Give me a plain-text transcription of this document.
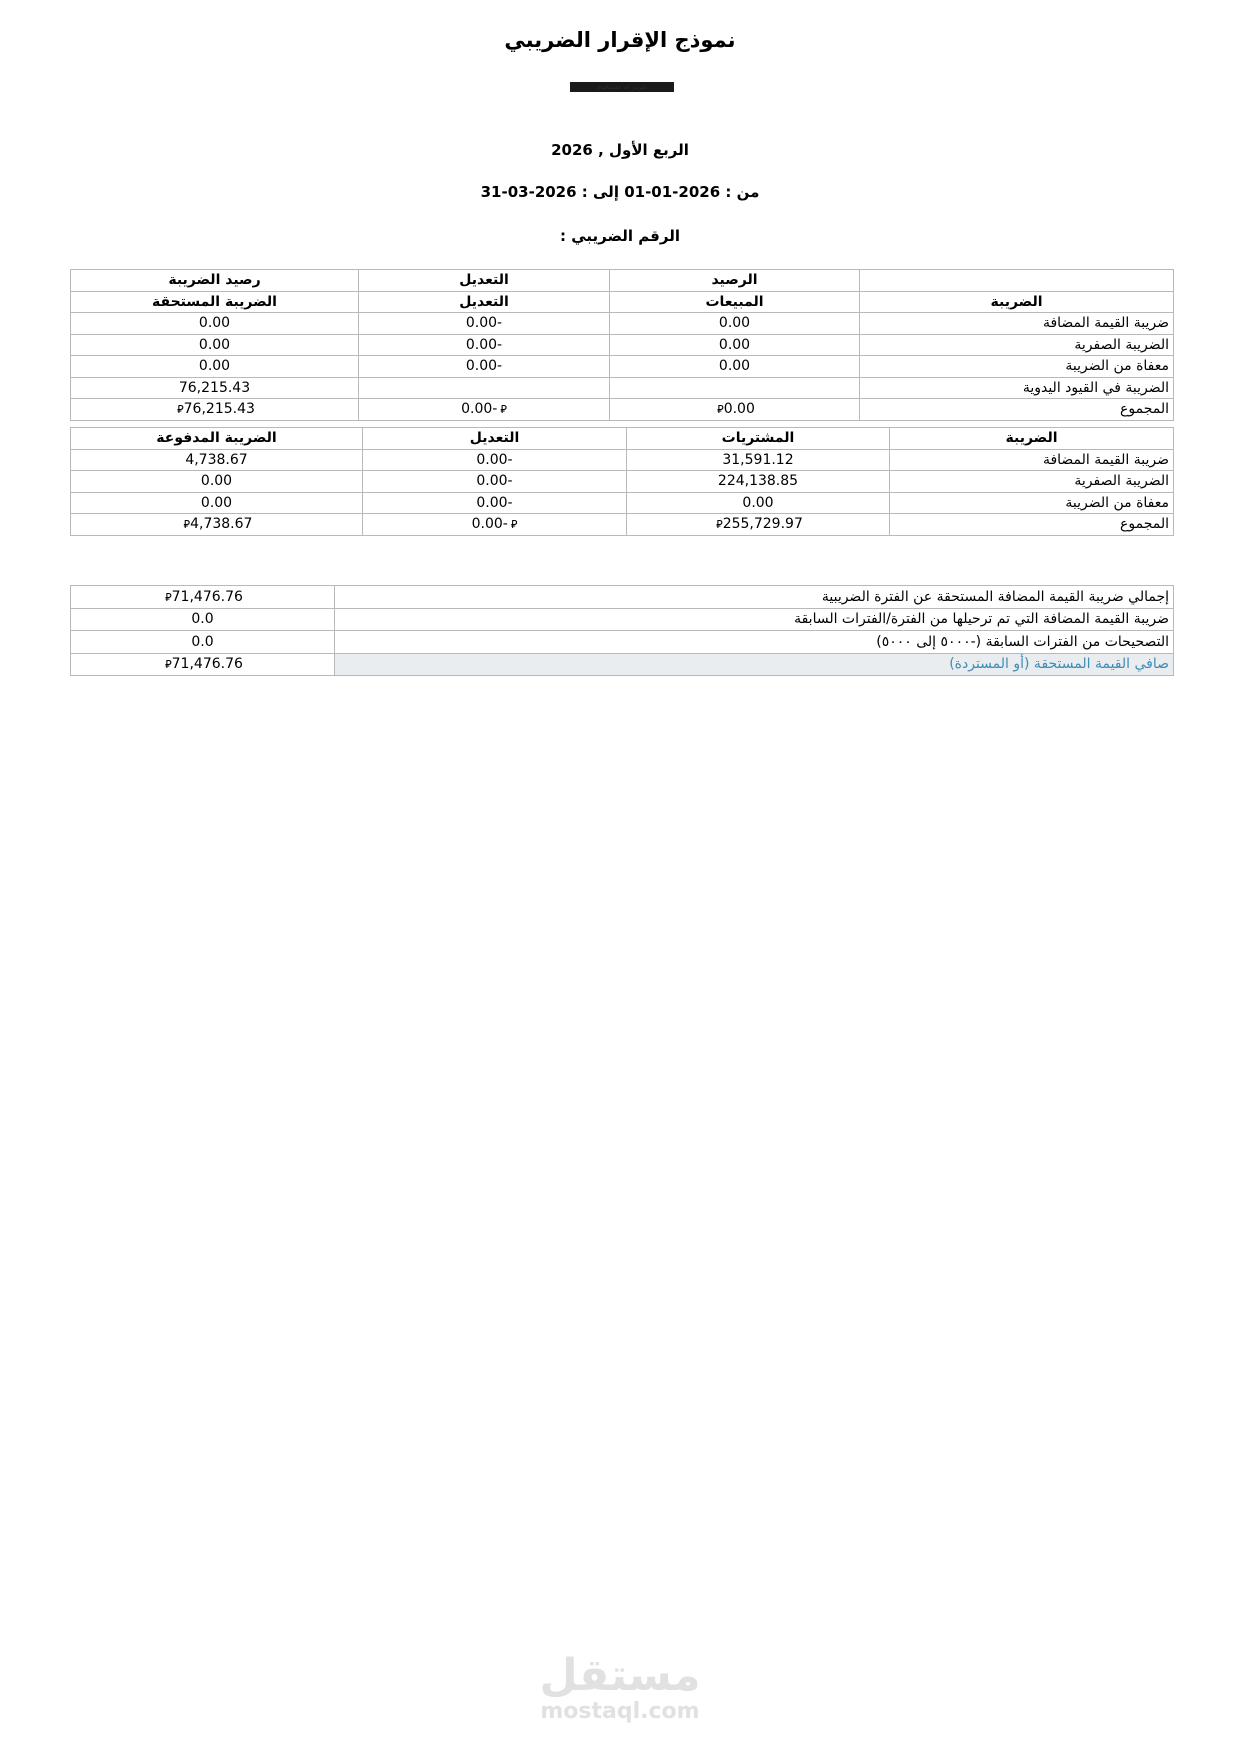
نموذج الإقرار الضريبي
تقرير له مستخدم
الربع الأول , 2026
من : 2026-01-01 إلى : 2026-03-31
الرقم الضريبي :
	الرصيد	التعديل	رصيد الضريبة
الضريبة	المبيعات	التعديل	الضريبة المستحقة
ضريبة القيمة المضافة	0.00	-0.00	0.00
الضريبة الصفرية	0.00	-0.00	0.00
معفاة من الضريبة	0.00	-0.00	0.00
الضريبة في القيود اليدوية			76,215.43
المجموع	⃁0.00	⃁-0.00	⃁76,215.43
الضريبة	المشتريات	التعديل	الضريبة المدفوعة
ضريبة القيمة المضافة	31,591.12	-0.00	4,738.67
الضريبة الصفرية	224,138.85	-0.00	0.00
معفاة من الضريبة	0.00	-0.00	0.00
المجموع	⃁255,729.97	⃁-0.00	⃁4,738.67
إجمالي ضريبة القيمة المضافة المستحقة عن الفترة الضريبية	⃁71,476.76
ضريبة القيمة المضافة التي تم ترحيلها من الفترة/الفترات السابقة	0.0
التصحيحات من الفترات السابقة (-٥٠٠٠ إلى ٥٠٠٠)	0.0
صافي القيمة المستحقة (أو المستردة)	⃁71,476.76
مستقل
mostaql.com
